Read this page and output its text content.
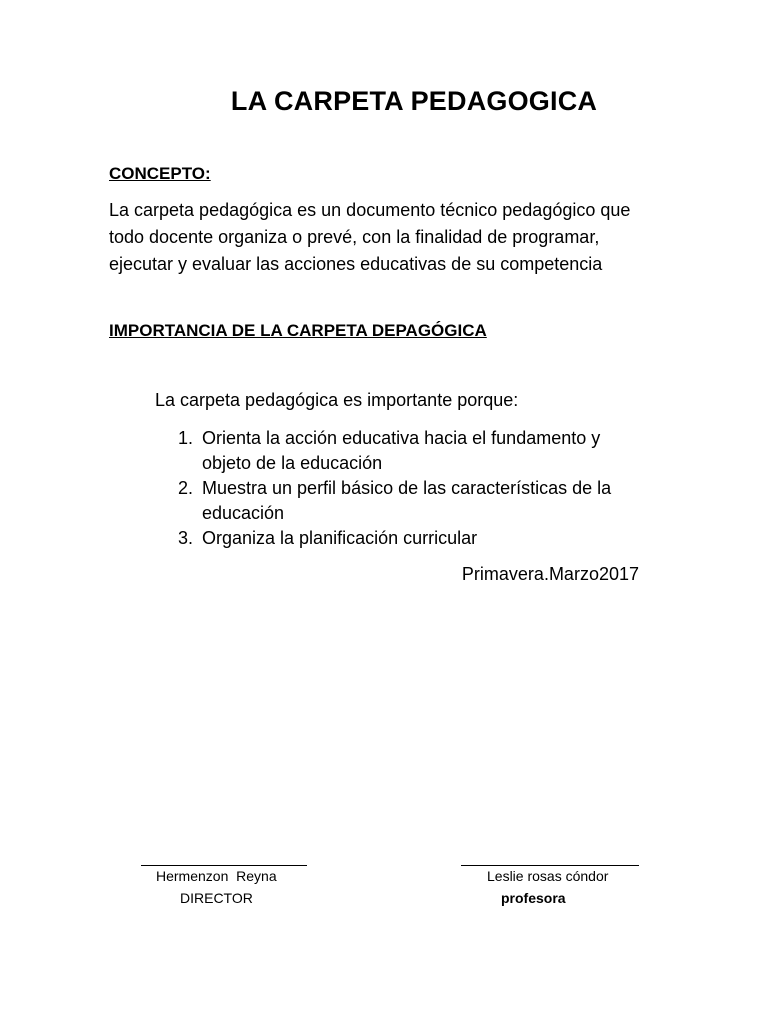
LA CARPETA PEDAGOGICA
CONCEPTO:
La carpeta pedagógica es un documento técnico pedagógico que
todo docente organiza o prevé, con la finalidad de programar,
ejecutar y evaluar las acciones educativas de su competencia
IMPORTANCIA DE LA CARPETA DEPAGÓGICA
La carpeta pedagógica es importante porque:
1. Orienta la acción educativa hacia el fundamento y
objeto de la educación
2. Muestra un perfil básico de las características de la
educación
3. Organiza la planificación curricular
Primavera.Marzo2017
Hermenzon  Reyna
DIRECTOR
Leslie rosas cóndor
profesora
